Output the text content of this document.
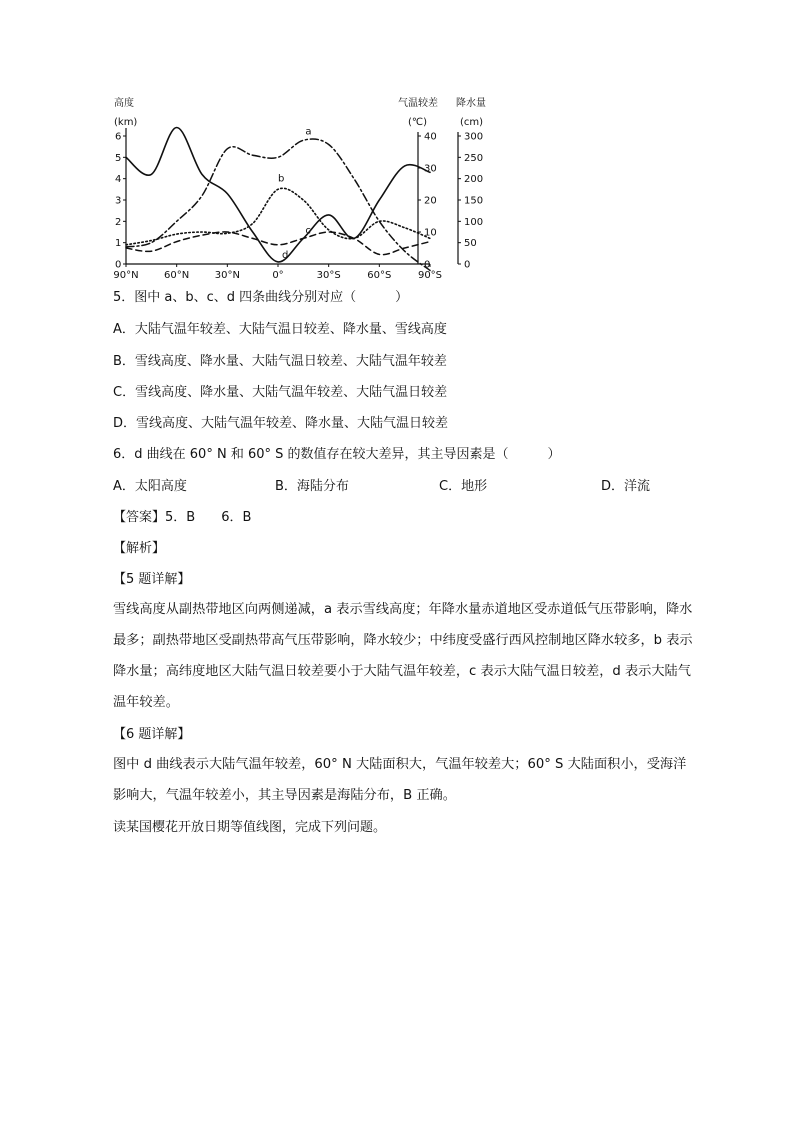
高度
(km)
气温较差
(℃)
降水量
(cm)
0
1
2
3
4
5
6
0
10
20
30
40
0
50
100
150
200
250
300
90°N	60°N	30°N	0°	30°S	60°S	90°S
a
b
c
d
5．图中 a、b、c、d 四条曲线分别对应（　　　）
A．大陆气温年较差、大陆气温日较差、降水量、雪线高度
B．雪线高度、降水量、大陆气温日较差、大陆气温年较差
C．雪线高度、降水量、大陆气温年较差、大陆气温日较差
D．雪线高度、大陆气温年较差、降水量、大陆气温日较差
6．d 曲线在 60° N 和 60° S 的数值存在较大差异，其主导因素是（　　　）
A．太阳高度	B．海陆分布	C．地形	D．洋流
【答案】5．B　　6．B
【解析】
【5 题详解】
雪线高度从副热带地区向两侧递减，a 表示雪线高度；年降水量赤道地区受赤道低气压带影响，降水最多；副热带地区受副热带高气压带影响，降水较少；中纬度受盛行西风控制地区降水较多，b 表示降水量；高纬度地区大陆气温日较差要小于大陆气温年较差，c 表示大陆气温日较差，d 表示大陆气温年较差。
【6 题详解】
图中 d 曲线表示大陆气温年较差，60° N 大陆面积大，气温年较差大；60° S 大陆面积小，受海洋影响大，气温年较差小，其主导因素是海陆分布，B 正确。
读某国樱花开放日期等值线图，完成下列问题。
